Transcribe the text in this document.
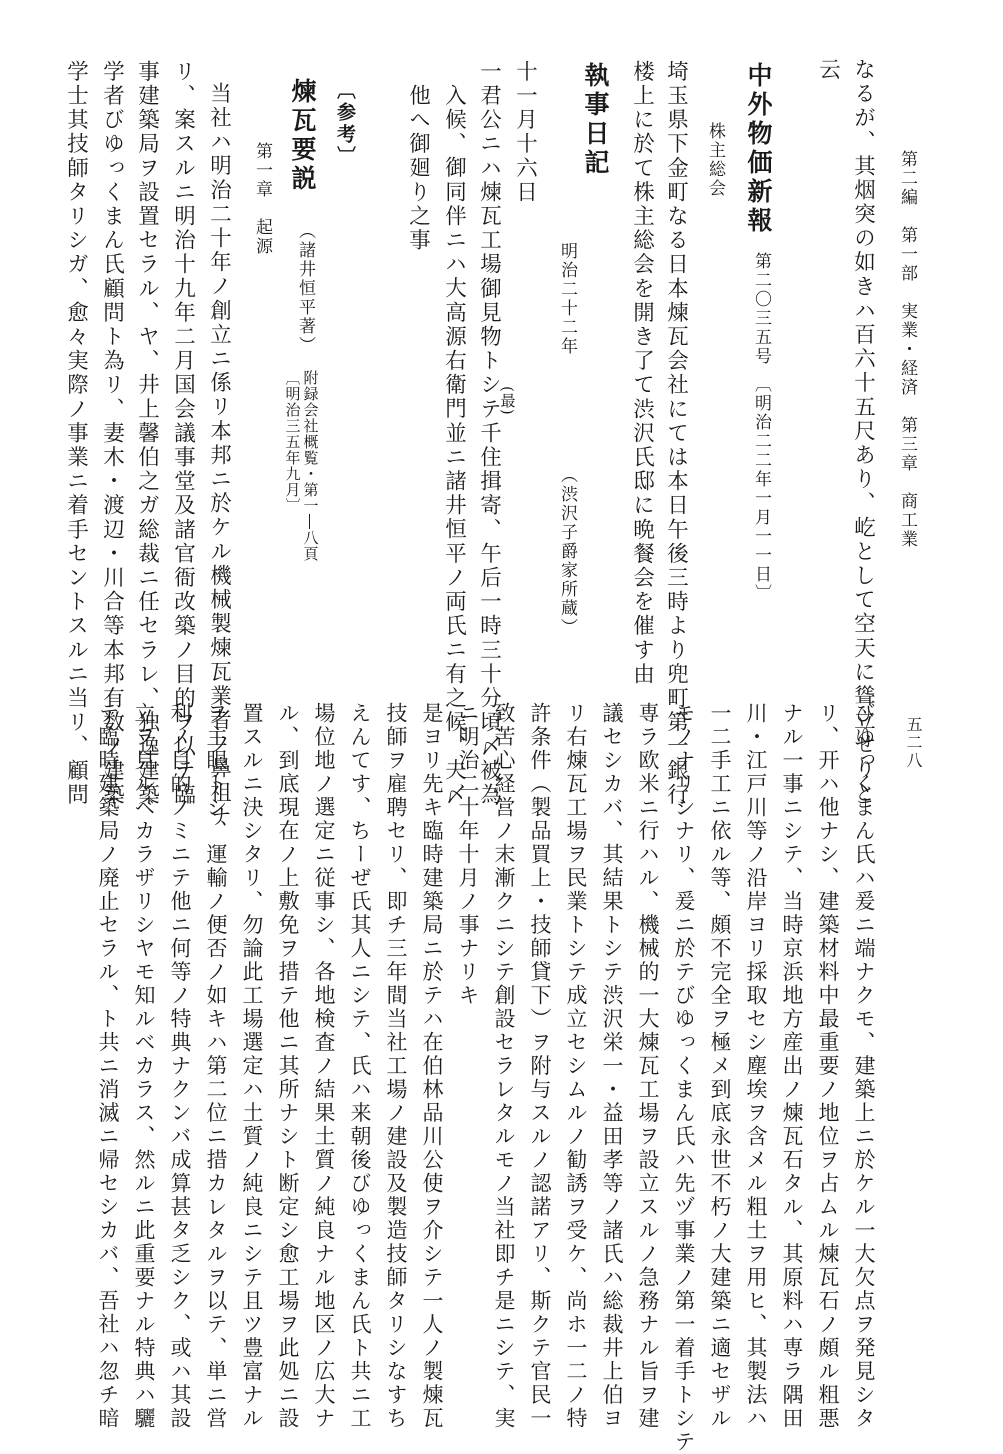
第二編　第一部　実業・経済　第三章　商工業
五二八
なるが、其烟突の如きハ百六十五尺あり、屹として空天に聳立せりと
云
中外物価新報
第二〇三五号
〔明治二二年一月一一日〕
株主総会
埼玉県下金町なる日本煉瓦会社にては本日午後三時より兜町第一銀行
楼上に於て株主総会を開き了て渋沢氏邸に晩餐会を催す由
執事日記
明治二十二年
（渋沢子爵家所蔵）
十一月十六日
(最)
一君公ニハ煉瓦工場御見物トシテ千住揖寄、午后一時三十分頃〆被為
入候、御同伴ニハ大高源右衛門並ニ諸井恒平ノ両氏ニ有之候、夫〆
他へ御廻り之事
〔参考〕
煉瓦要説
（諸井恒平著）
附録会社概覧・第一―八頁
〔明治三五年九月〕
第一章　起源
当社ハ明治二十年ノ創立ニ係リ本邦ニ於ケル機械製煉瓦業者ノ鼻祖ナ
リ、案スルニ明治十九年二月国会議事堂及諸官衙改築ノ目的ヲ以テ臨
事建築局ヲ設置セラル、ヤ、井上馨伯之ガ総裁ニ任セラレ、独逸建築
学者びゆっくまん氏顧問ト為リ、妻木・渡辺・川合等本邦有数ノ建築
学士其技師タリシガ、愈々実際ノ事業ニ着手セントスルニ当リ、顧問
びゆっくまん氏ハ爰ニ端ナクモ、建築上ニ於ケル一大欠点ヲ発見シタ
リ、开ハ他ナシ、建築材料中最重要ノ地位ヲ占ムル煉瓦石ノ頗ル粗悪
ナル一事ニシテ、当時京浜地方産出ノ煉瓦石タル、其原料ハ専ラ隅田
川・江戸川等ノ沿岸ヨリ採取セシ塵埃ヲ含メル粗土ヲ用ヒ、其製法ハ
一二手工ニ依ル等、頗不完全ヲ極メ到底永世不朽ノ大建築ニ適セザル
モノナリシナリ、爰ニ於テびゆっくまん氏ハ先ヅ事業ノ第一着手トシテ
専ラ欧米ニ行ハル、機械的一大煉瓦工場ヲ設立スルノ急務ナル旨ヲ建
議セシカバ、其結果トシテ渋沢栄一・益田孝等ノ諸氏ハ総裁井上伯ヨ
リ右煉瓦工場ヲ民業トシテ成立セシムルノ勧誘ヲ受ケ、尚ホ一二ノ特
許条件（製品買上・技師貸下）ヲ附与スルノ認諾アリ、斯クテ官民一
致苦心経営ノ末漸クニシテ創設セラレタルモノ当社即チ是ニシテ、実
ニ明治二十年十月ノ事ナリキ
是ヨリ先キ臨時建築局ニ於テハ在伯林品川公使ヲ介シテ一人ノ製煉瓦
技師ヲ雇聘セリ、即チ三年間当社工場ノ建設及製造技師タリシなすち
えんてす、ちーぜ氏其人ニシテ、氏ハ来朝後びゆっくまん氏ト共ニ工
場位地ノ選定ニ従事シ、各地検査ノ結果土質ノ純良ナル地区ノ広大ナ
ル、到底現在ノ上敷免ヲ措テ他ニ其所ナシト断定シ愈工場ヲ此処ニ設
置スルニ決シタリ、勿論此工場選定ハ土質ノ純良ニシテ且ツ豊富ナル
ヲ主眼トシ、運輸ノ便否ノ如キハ第二位ニ措カレタルヲ以テ、単ニ営
利ノ目的ノミニテ他ニ何等ノ特典ナクンバ成算甚タ乏シク、或ハ其設
立ヲ見ルベカラザリシヤモ知ルベカラス、然ルニ此重要ナル特典ハ驪
テ臨時建築局ノ廃止セラル、ト共ニ消滅ニ帰セシカバ、吾社ハ忽チ暗
